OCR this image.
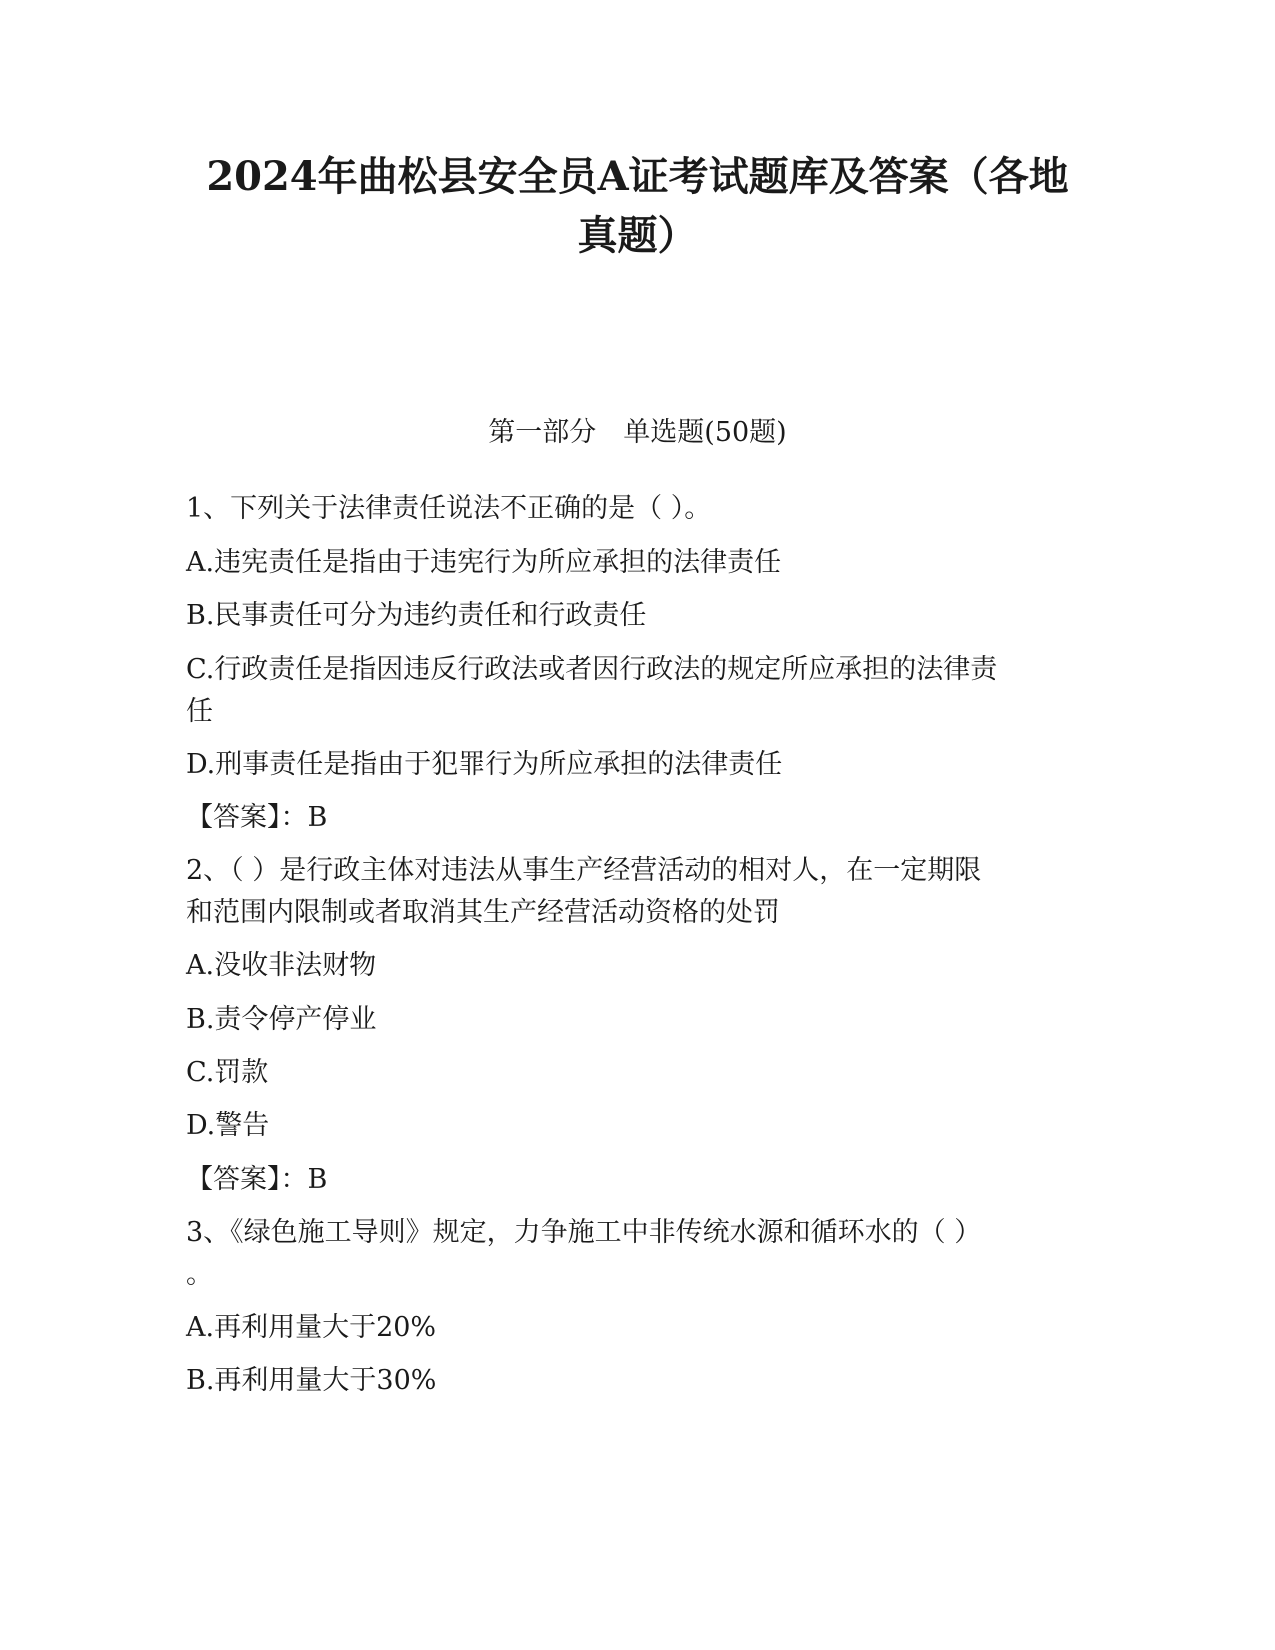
2024年曲松县安全员A证考试题库及答案（各地
真题）
第一部分　单选题(50题)
1、下列关于法律责任说法不正确的是（ ）。
A.违宪责任是指由于违宪行为所应承担的法律责任
B.民事责任可分为违约责任和行政责任
C.行政责任是指因违反行政法或者因行政法的规定所应承担的法律责
任
D.刑事责任是指由于犯罪行为所应承担的法律责任
【答案】：B
2、（ ）是行政主体对违法从事生产经营活动的相对人，在一定期限
和范围内限制或者取消其生产经营活动资格的处罚
A.没收非法财物
B.责令停产停业
C.罚款
D.警告
【答案】：B
3、《绿色施工导则》规定，力争施工中非传统水源和循环水的（ ）
。
A.再利用量大于20%
B.再利用量大于30%
